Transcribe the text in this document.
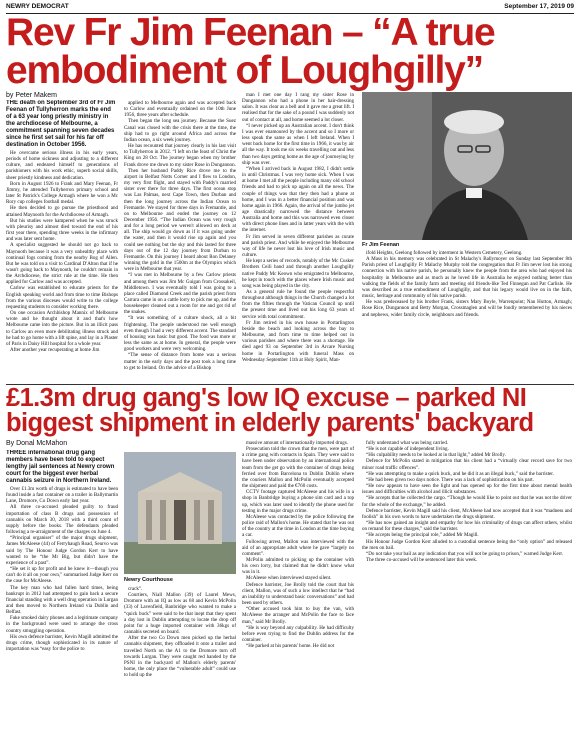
NEWRY DEMOCRAT	September 17, 2019 09
Rev Fr Jim Feenan – “A true
embodiment of Loughgilly”
by Peter Makem

THE death on September 3rd of Fr Jim Feenan of Tullyherron marks the end of a 63 year long priestly ministry in the archdiocese of Melbourne, a commitment spanning seven decades since he first set sail for his far off destination in October 1956.

He overcame serious illness in his early years, periods of home sickness and adjusting to a different culture, and endeared himself to generations of parishioners with his work ethic, superb social skills, sheer priestly kindness and dedication.

Born in August 1926 to Frank and Mary Feenan, Fr Jimmy, he attended Tullyherron primary school and later St Patrick's College Armagh where he won a Mc Rory cup colleges football medal.

He then decided to go pursue the priesthood and attained Maynooth for the Archdiocese of Armagh.

But his studies were hampered when he was struck with pleurisy and almost died toward the end of his first year there, spending three weeks in the infirmary and was later sent home.

A specialist suggested he should not go back to Maynooth because it was a very unhealthy place with continual fogs coming from the nearby Bog of Allen. But he was told on a visit to Cardinal D'Alton that if he wasn't going back to Maynooth, he couldn't remain in the Archdiocese, the strict rule at the time. He then applied for Carlow and was accepted.

Carlow was established to educate priests for the English speaking world and from time to time Bishops from the various dioceses would write to the college requesting students to consider working there.

On one occasion Archbishop Mannix of Melbourne wrote and he thought about it and that's how Melbourne came into the picture. But in an illicit pass to Carlow an even more debilitating illness struck and he had to go home with a lift spine, and lay in a Plaster of Paris in Daisy Hill hospital for a whole year.

After another year recuperating at home Jim

applied to Melbourne again and was accepted back to Carlow and eventually ordained on the 10th June 1956, three years after schedule.

Then began the long sea journey. Because the Suez Canal was closed with the crisis there at the time, the ship had to go right around Africa and across the Indian ocean, a six week journey.

He has recounted that journey clearly in his last visit to Tullyherron in 2012. “I left on the feast of Christ the King on 28 Oct. The journey began when my brother Frank drove me down to my sister Rose in Dungannon.

Then her husband Paddy Rice drove me to the airport in Belfast Notts Corner and I flew to London, my very first flight, and stayed with Paddy's married sister over there for three days. The first ocean stop was Las Palmas, next Cape Town, then Durban and then the long journey across the Indian Ocean to Fremantle. We stayed for three days in Fremantle, and on to Melbourne and ended the journey on 12 December 1956. “The Indian Ocean was very rough and for a long period we weren't allowed on deck at all. The ship would go down as if it was going under the water, and then it would rise up again and you could see nothing but the sky and this lasted for three days out of the 12 day journey from Durban to Fremantle. On this journey I heard about Ron Delaney winning the gold in the 1500m at the Olympics which were in Melbourne that year.

“I was met in Melbourne by a few Carlow priests and among them was Jim Mc Guigan from Crossakeil, Middletown. I was eventually told I was going to a place called Diamond Creek and the parish priest from Carrara came in on a cattle lorry to pick me up, and the housekeeper cleaned out a room for me and got rid of the snakes.

“It was something of a culture shock, all a bit frightening. The people understood me well enough even though I had a very different accent. The standard of housing was basic but good. The food was more or less the same as at home. In general, the people were good workers and were very welcoming.

“The sense of distance from home was a serious matter in the early days and the post took a long time to get to Ireland. On the advice of a Bishop

man I met one day I rang my sister Rose in Dungannon who had a phone in her hair-dressing salon. It was clear as a bell and it gave me a great lift. I realised that for the sake of a pound I was suddenly not out of contact at all, and home seemed a lot closer.

“I never picked up an Australian accent. I don't think I was ever enamoured by the accent and so I more or less speak the same as when I left Ireland. When I went back home for the first time in 1966, it was by air all the way. It took me six weeks travelling out and less than two days getting home as the age of journeying by ship was over.

“When I arrived back in August 1982, I didn't settle in until Christmas. I was very home sick. When I was at home I met all the people including many old school friends and had to pick up again on all the news. The couple of things was that they then had a phone at home, and I was in a better financial position and was home again in 1966. Again, the arrival of the jumbo jet age drastically narrowed the distance between Australia and home and this was narrowed even closer with direct phone lines and in latter years with the with the internet.

Fr Jim served in seven different parishes as curate and parish priest. And while he enjoyed the Melbourne way of life he never lost his love of Irish music and culture.

He kept a series of records, notably of the Mc Cusker Brothers Ceili band and through another Loughgilly native Paddy Mc Keown who emigrated to Melbourne, he kept in touch with the places where Irish music and song was being played in the city.

As a general rule he found the people respectful throughout although things in the Church changed a lot from the fifties through the Vatican Council up until the present time and lived out his long 63 years of service with total commitment.

Fr Jim retired in his own house in Portarlington beside the beach and looking across the bay to Melbourne, and from time to time helped out in various parishes and where there was a shortage. He died aged 93 on September 3rd in Arcare Nursing home in Portarlington with funeral Mass on Wednesday September 11th at Holy Spirit, Man-

Fr Jim Feenan

ifold Heights, Geelong followed by interment in Western Cemetery, Geelong.

A Mass in his memory was celebrated in St Malachy's Ballymoyer on Sunday last September 8th Parish priest of Loughgilly Fr Malachy Murphy told the congregation that Fr Jim never lost his strong connection with his native parish, he personally knew the people from the area who had enjoyed his hospitality in Melbourne and as much as he loved life in Australia he enjoyed nothing better than walking the fields of the family farm and meeting old friends-like Ted Finnegan and Pat Carlisle. He was described as a true embodiment of Loughgilly, and that his legacy would live on in the faith, music, heritage and community of his native parish.

He was predeceased by his brother Frank, sisters Mary Boyle, Warrenpoint; Nan Hutton, Armagh; Rose Rice, Dungannon and Betty Morgan, Crossmaglen and will be fondly remembered by his nieces and nephews, wider family circle, neighbours and friends.

£1.3m drug gang's low IQ excuse – parked NI
biggest shipment in elderly parents' backyard
By Donal McMahon

THREE international drug gang members have been told to expect lengthy jail sentences at Newry crown court for the biggest ever herbal cannabis seizure in Northern Ireland.

Over £1.3m worth of drugs is estimated to have been found inside a fast container on a trailer in Ballymartin Lane, Dromore, Co Down early last year.

All three co-accused pleaded guilty to fraud importation of class B drugs and possession of cannabis on March 30, 2018 with a third count of supply before the books. The defendants pleaded following a re-arraignment of the charges on June 4.

“Principal organiser” of the major drugs shipment, James McAleese (44) of Ferryhaugh Road, Seurvo was said by The Honour Judge Gordon Kerr to have wanted to be “the Mr Big, but didn't have the experience of a past”.

“He set it up for profit and he knew it—though you can't do it all on your own,” summarised Judge Kerr on the case for McAleese.

The key man who had fallen hard times, being bankrupt in 2012 had attempted to gain back a secure financial standing with a well drug operation in Lurgan and then moved to Northern Ireland via Dublin and Belfast.

Fake smoked dairy phones and a legitimate company in the background were used to arrange the cross country smuggling operation.

His own defence barrister, Kevin Magill admitted the drugs crime, though sophisticated in its nature of importation was “easy for the police to

Newry Courthouse

crack”.

Courtiers, Niall Mallon (39) of Laurel Mews, Dromore with an IQ as low as 68 and Kevin McPolin (33) of Lavenfield, Banbridge who wanted to make a “quick buck” were said to be that inept that they spent a day lost in Dublin attempting to locate the drop off point for a huge imported container with 36kgs of cannabis secreted on board.

After the two Co Down men picked up the herbal cannabis shipment, they offloaded it onto a trailer and travelled North on the A1 to the Dromore turn off towards Lurgan. They were caught red handed by the PSNI in the backyard of Mallon's elderly parents' home, the only place the “vulnerable adult” could use to hold up the

massive amount of internationally imported drugs.

Prosecution told the crown that the men, were part of a crime gang with contacts in Spain. They were said to have been under observation by an international police team from the get go with the container of drugs being ferried over from Barcelona to Dublin Dublin where the couriers Mallon and McPolin eventually accepted the shipment and paid the €760 costs.

CCTV footage captured McAleese and his wife in a shop in Banbridge buying a phone sim card and a top up, which was later used to identify the phone used for testing in the major drugs crime.

McAleese was contacted by the police following the police raid of Mallon's home. He stated that he was out of the country at the time in London at the time buying a car.

Following arrest, Mallon was interviewed with the aid of an appropriate adult where he gave “largely no comment”.

McPolin admitted to picking up the container with his own lorry, but claimed that he didn't know what was in it.

McAleese when interviewed stayed silent.

Defence barrister, Joe Brolly told the court that his client, Mallon, was of such a low intellect that he “had an inability to understand basic conversations” and had been used by others.

“Other accused took him to buy the van, with McAleese the arranger and McPolin the face to face man,” said Mr Brolly.

“He is way beyond any culpability. He had difficulty before even trying to find the Dublin address for the container.

“He parked at his parents' home. He did not

fully understand what was being carried.

“He is not capable of independent living.

“His culpability needs to be looked at in that light,” added Mr Brolly.

Defence for McPolin stated in mitigation that his client had a “virtually clear record save for two minor road traffic offences”.

“He was attempting to make a quick buck, and he did it as an illegal buck,” said the barrister.

“He had been given two days notice. There was a lack of sophistication on his part.

“He now appears to have seen the light and has opened up for the first time about mental health issues and difficulties with alcohol and illicit substances.

“He accepts that he collected the cargo. “Though he would like to point out that he was not the driver for the whole of the exchange,” he added.

Defence barrister, Kevin Magill said his client, McAleese had now accepted that it was “madness and foolish” in his own words to have undertaken the drugs shipment.

“He has now gained an insight and empathy for how his criminality of drugs can affect others, whilst on remand for these charges,” said the barrister.

“He accepts being the principal role,” added Mr Magill.

His Honour Judge Gordon Kerr alluded to a custodial sentence being the “only option” and released the men on bail.

“Do not take your bail as any indication that you will not be going to prison,” warned Judge Kerr.

The three co-accused will be sentenced later this week.
